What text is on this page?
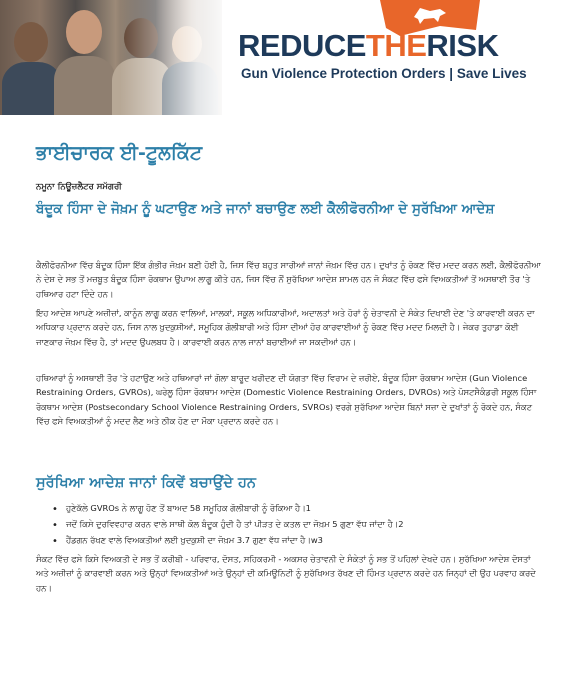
REDUCETHERISK
Gun Violence Protection Orders | Save Lives
ਭਾਈਚਾਰਕ ਈ-ਟੂਲਕਿੱਟ
ਨਮੂਨਾ ਨਿਊਜ਼ਲੈਟਰ ਸਮੱਗਰੀ
ਬੰਦੂਕ ਹਿੰਸਾ ਦੇ ਜੋਖ਼ਮ ਨੂੰ ਘਟਾਉਣ ਅਤੇ ਜਾਨਾਂ ਬਚਾਉਣ ਲਈ ਕੈਲੀਫੋਰਨੀਆ ਦੇ ਸੁਰੱਖਿਆ ਆਦੇਸ਼

ਕੈਲੀਫੋਰਨੀਆ ਵਿੱਚ ਬੰਦੂਕ ਹਿੰਸਾ ਇੱਕ ਗੰਭੀਰ ਜੋਖ਼ਮ ਬਣੀ ਹੋਈ ਹੈ, ਜਿਸ ਵਿੱਚ ਬਹੁਤ ਸਾਰੀਆਂ ਜਾਨਾਂ ਜੋਖ਼ਮ ਵਿੱਚ ਹਨ। ਦੁਖਾਂਤ ਨੂੰ ਰੋਕਣ ਵਿੱਚ ਮਦਦ ਕਰਨ ਲਈ, ਕੈਲੀਫੋਰਨੀਆ ਨੇ ਦੇਸ਼ ਦੇ ਸਭ ਤੋਂ ਮਜ਼ਬੂਤ ਬੰਦੂਕ ਹਿੰਸਾ ਰੋਕਥਾਮ ਉਪਾਅ ਲਾਗੂ ਕੀਤੇ ਹਨ, ਜਿਸ ਵਿੱਚ ਨੌਂ ਸੁਰੱਖਿਆ ਆਦੇਸ਼ ਸ਼ਾਮਲ ਹਨ ਜੋ ਸੰਕਟ ਵਿੱਚ ਫਸੇ ਵਿਅਕਤੀਆਂ ਤੋਂ ਅਸਥਾਈ ਤੌਰ 'ਤੇ ਹਥਿਆਰ ਹਟਾ ਦਿੰਦੇ ਹਨ।

ਇਹ ਆਦੇਸ਼ ਆਪਣੇ ਅਜ਼ੀਜ਼ਾਂ, ਕਾਨੂੰਨ ਲਾਗੂ ਕਰਨ ਵਾਲਿਆਂ, ਮਾਲਕਾਂ, ਸਕੂਲ ਅਧਿਕਾਰੀਆਂ, ਅਦਾਲਤਾਂ ਅਤੇ ਹੋਰਾਂ ਨੂੰ ਚੇਤਾਵਨੀ ਦੇ ਸੰਕੇਤ ਦਿਖਾਈ ਦੇਣ 'ਤੇ ਕਾਰਵਾਈ ਕਰਨ ਦਾ ਅਧਿਕਾਰ ਪ੍ਰਦਾਨ ਕਰਦੇ ਹਨ, ਜਿਸ ਨਾਲ ਖ਼ੁਦਕੁਸ਼ੀਆਂ, ਸਮੂਹਿਕ ਗੋਲੀਬਾਰੀ ਅਤੇ ਹਿੰਸਾ ਦੀਆਂ ਹੋਰ ਕਾਰਵਾਈਆਂ ਨੂੰ ਰੋਕਣ ਵਿੱਚ ਮਦਦ ਮਿਲਦੀ ਹੈ। ਜੇਕਰ ਤੁਹਾਡਾ ਕੋਈ ਜਾਣਕਾਰ ਜੋਖ਼ਮ ਵਿੱਚ ਹੈ, ਤਾਂ ਮਦਦ ਉਪਲਬਧ ਹੈ। ਕਾਰਵਾਈ ਕਰਨ ਨਾਲ ਜਾਨਾਂ ਬਚਾਈਆਂ ਜਾ ਸਕਦੀਆਂ ਹਨ।

ਹਥਿਆਰਾਂ ਨੂੰ ਅਸਥਾਈ ਤੌਰ 'ਤੇ ਹਟਾਉਣ ਅਤੇ ਹਥਿਆਰਾਂ ਜਾਂ ਗੋਲਾ ਬਾਰੂਦ ਖਰੀਦਣ ਦੀ ਯੋਗਤਾ ਵਿੱਚ ਵਿਰਾਮ ਦੇ ਜ਼ਰੀਏ, ਬੰਦੂਕ ਹਿੰਸਾ ਰੋਕਥਾਮ ਆਦੇਸ਼ (Gun Violence Restraining Orders, GVROs), ਘਰੇਲੂ ਹਿੰਸਾ ਰੋਕਥਾਮ ਆਦੇਸ਼ (Domestic Violence Restraining Orders, DVROs) ਅਤੇ ਪੋਸਟਸੈਕੰਡਰੀ ਸਕੂਲ ਹਿੰਸਾ ਰੋਕਥਾਮ ਆਦੇਸ਼ (Postsecondary School Violence Restraining Orders, SVROs) ਵਰਗੇ ਸੁਰੱਖਿਆ ਆਦੇਸ਼ ਬਿਨਾਂ ਸਜ਼ਾ ਦੇ ਦੁਖਾਂਤਾਂ ਨੂੰ ਰੋਕਦੇ ਹਨ, ਸੰਕਟ ਵਿੱਚ ਫਸੇ ਵਿਅਕਤੀਆਂ ਨੂੰ ਮਦਦ ਲੈਣ ਅਤੇ ਠੀਕ ਹੋਣ ਦਾ ਮੌਕਾ ਪ੍ਰਦਾਨ ਕਰਦੇ ਹਨ।

ਸੁਰੱਖਿਆ ਆਦੇਸ਼ ਜਾਨਾਂ ਕਿਵੇਂ ਬਚਾਉਂਦੇ ਹਨ
• ਹੁਣੇਕੱਲੇ GVROs ਨੇ ਲਾਗੂ ਹੋਣ ਤੋਂ ਬਾਅਦ 58 ਸਮੂਹਿਕ ਗੋਲੀਬਾਰੀ ਨੂੰ ਰੋਕਿਆ ਹੈ।1
• ਜਦੋਂ ਕਿਸੇ ਦੁਰਵਿਵਹਾਰ ਕਰਨ ਵਾਲੇ ਸਾਥੀ ਕੋਲ ਬੰਦੂਕ ਹੁੰਦੀ ਹੈ ਤਾਂ ਪੀੜਤ ਦੇ ਕਤਲ ਦਾ ਜੋਖ਼ਮ 5 ਗੁਣਾ ਵੱਧ ਜਾਂਦਾ ਹੈ।2
• ਹੈਂਡਗਨ ਰੱਖਣ ਵਾਲੇ ਵਿਅਕਤੀਆਂ ਲਈ ਖ਼ੁਦਕੁਸ਼ੀ ਦਾ ਜੋਖ਼ਮ 3.7 ਗੁਣਾ ਵੱਧ ਜਾਂਦਾ ਹੈ।w3

ਸੰਕਟ ਵਿੱਚ ਫਸੇ ਕਿਸੇ ਵਿਅਕਤੀ ਦੇ ਸਭ ਤੋਂ ਕਰੀਬੀ - ਪਰਿਵਾਰ, ਦੋਸਤ, ਸਹਿਕਰਮੀ - ਅਕਸਰ ਚੇਤਾਵਨੀ ਦੇ ਸੰਕੇਤਾਂ ਨੂੰ ਸਭ ਤੋਂ ਪਹਿਲਾਂ ਦੇਖਦੇ ਹਨ। ਸੁਰੱਖਿਆ ਆਦੇਸ਼ ਦੋਸਤਾਂ ਅਤੇ ਅਜ਼ੀਜ਼ਾਂ ਨੂੰ ਕਾਰਵਾਈ ਕਰਨ ਅਤੇ ਉਨ੍ਹਾਂ ਵਿਅਕਤੀਆਂ ਅਤੇ ਉਨ੍ਹਾਂ ਦੀ ਕਮਿਊਨਿਟੀ ਨੂੰ ਸੁਰੱਖਿਅਤ ਰੱਖਣ ਦੀ ਹਿੰਮਤ ਪ੍ਰਦਾਨ ਕਰਦੇ ਹਨ ਜਿਨ੍ਹਾਂ ਦੀ ਉਹ ਪਰਵਾਹ ਕਰਦੇ ਹਨ।
